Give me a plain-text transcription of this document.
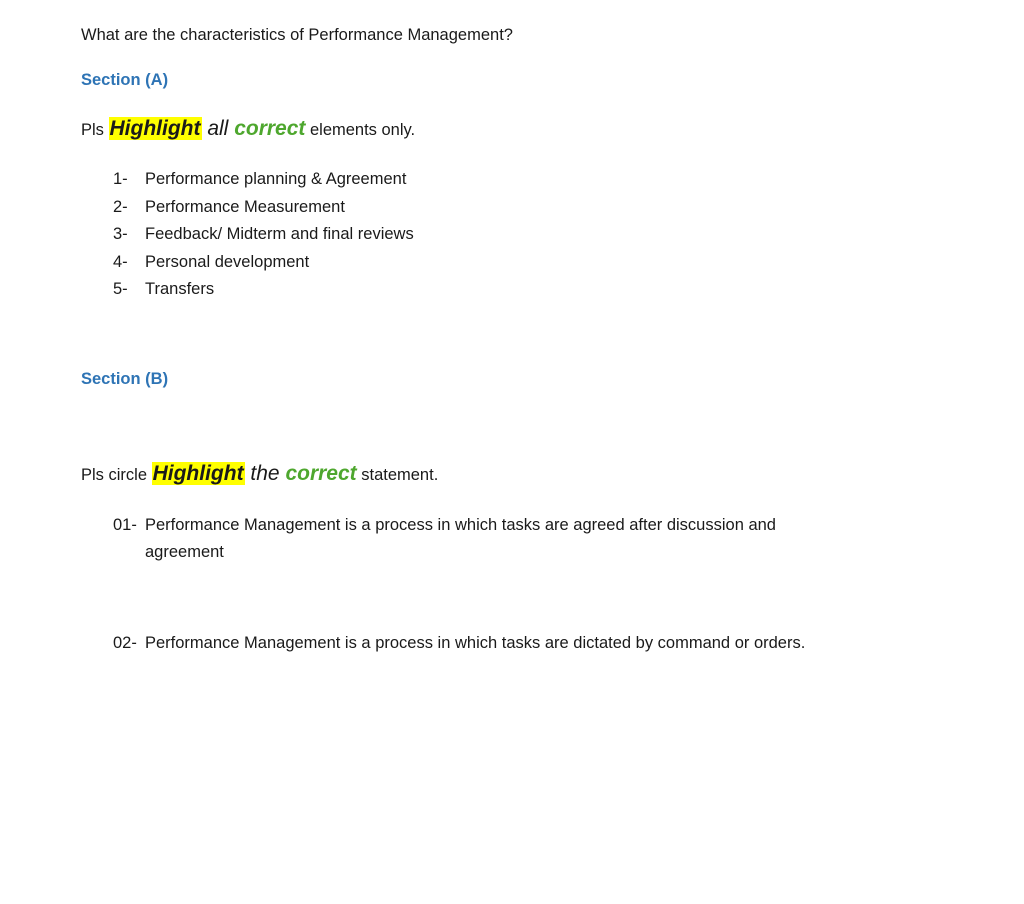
What are the characteristics of Performance Management?
Section (A)
Pls Highlight all correct elements only.
1- Performance planning & Agreement
2- Performance Measurement
3- Feedback/ Midterm and final reviews
4- Personal development
5- Transfers
Section (B)
Pls circle Highlight the correct statement.
01- Performance Management is a process in which tasks are agreed after discussion and agreement
02- Performance Management is a process in which tasks are dictated by command or orders.
